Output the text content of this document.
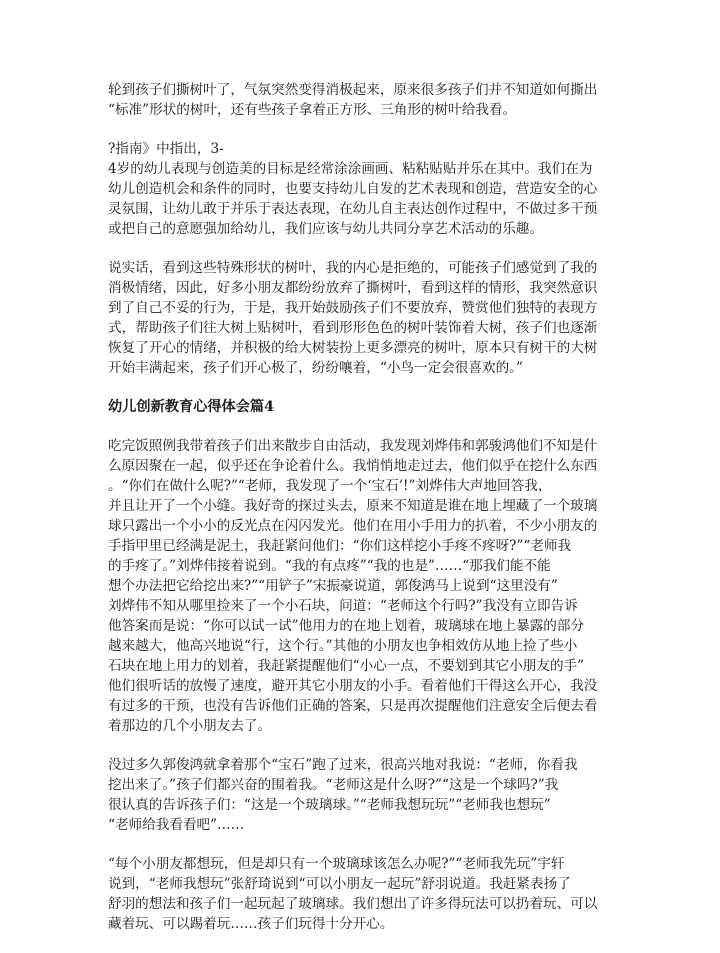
轮到孩子们撕树叶了，气氛突然变得消极起来，原来很多孩子们并不知道如何撕出
“标准”形状的树叶，还有些孩子拿着正方形、三角形的树叶给我看。

?指南》中指出，3-
4岁的幼儿表现与创造美的目标是经常涂涂画画、粘粘贴贴并乐在其中。我们在为
幼儿创造机会和条件的同时，也要支持幼儿自发的艺术表现和创造，营造安全的心
灵氛围，让幼儿敢于并乐于表达表现，在幼儿自主表达创作过程中，不做过多干预
或把自己的意愿强加给幼儿，我们应该与幼儿共同分享艺术活动的乐趣。

说实话，看到这些特殊形状的树叶，我的内心是拒绝的，可能孩子们感觉到了我的
消极情绪，因此，好多小朋友都纷纷放弃了撕树叶，看到这样的情形，我突然意识
到了自己不妥的行为，于是，我开始鼓励孩子们不要放弃，赞赏他们独特的表现方
式，帮助孩子们往大树上贴树叶，看到形形色色的树叶装饰着大树，孩子们也逐渐
恢复了开心的情绪，并积极的给大树装扮上更多漂亮的树叶，原本只有树干的大树
开始丰满起来，孩子们开心极了，纷纷嚷着，“小鸟一定会很喜欢的。”

幼儿创新教育心得体会篇4

吃完饭照例我带着孩子们出来散步自由活动，我发现刘烨伟和郭骏鸿他们不知是什
么原因聚在一起，似乎还在争论着什么。我悄悄地走过去，他们似乎在挖什么东西
。“你们在做什么呢?”“老师，我发现了一个‘宝石’!”刘烨伟大声地回答我，
并且让开了一个小缝。我好奇的探过头去，原来不知道是谁在地上埋藏了一个玻璃
球只露出一个小小的反光点在闪闪发光。他们在用小手用力的扒着，不少小朋友的
手指甲里已经满是泥土，我赶紧问他们：“你们这样挖小手疼不疼呀?”“老师我
的手疼了。”刘烨伟接着说到。“我的有点疼”“我的也是”……“那我们能不能
想个办法把它给挖出来?”“用铲子”宋振豪说道，郭俊鸿马上说到“这里没有”
刘烨伟不知从哪里捡来了一个小石块，问道：“老师这个行吗?”我没有立即告诉
他答案而是说：“你可以试一试”他用力的在地上划着，玻璃球在地上暴露的部分
越来越大，他高兴地说“行，这个行。”其他的小朋友也争相效仿从地上捡了些小
石块在地上用力的划着，我赶紧提醒他们“小心一点，不要划到其它小朋友的手”
他们很听话的放慢了速度，避开其它小朋友的小手。看着他们干得这么开心，我没
有过多的干预，也没有告诉他们正确的答案，只是再次提醒他们注意安全后便去看
着那边的几个小朋友去了。

没过多久郭俊鸿就拿着那个“宝石”跑了过来，很高兴地对我说：“老师，你看我
挖出来了。”孩子们都兴奋的围着我。“老师这是什么呀?”“这是一个球吗?”我
很认真的告诉孩子们：“这是一个玻璃球。”“老师我想玩玩”“老师我也想玩”
“老师给我看看吧”……

“每个小朋友都想玩，但是却只有一个玻璃球该怎么办呢?”“老师我先玩”宇轩
说到，“老师我想玩”张舒琦说到“可以小朋友一起玩”舒羽说道。我赶紧表扬了
舒羽的想法和孩子们一起玩起了玻璃球。我们想出了许多得玩法可以扔着玩、可以
藏着玩、可以踢着玩……孩子们玩得十分开心。
